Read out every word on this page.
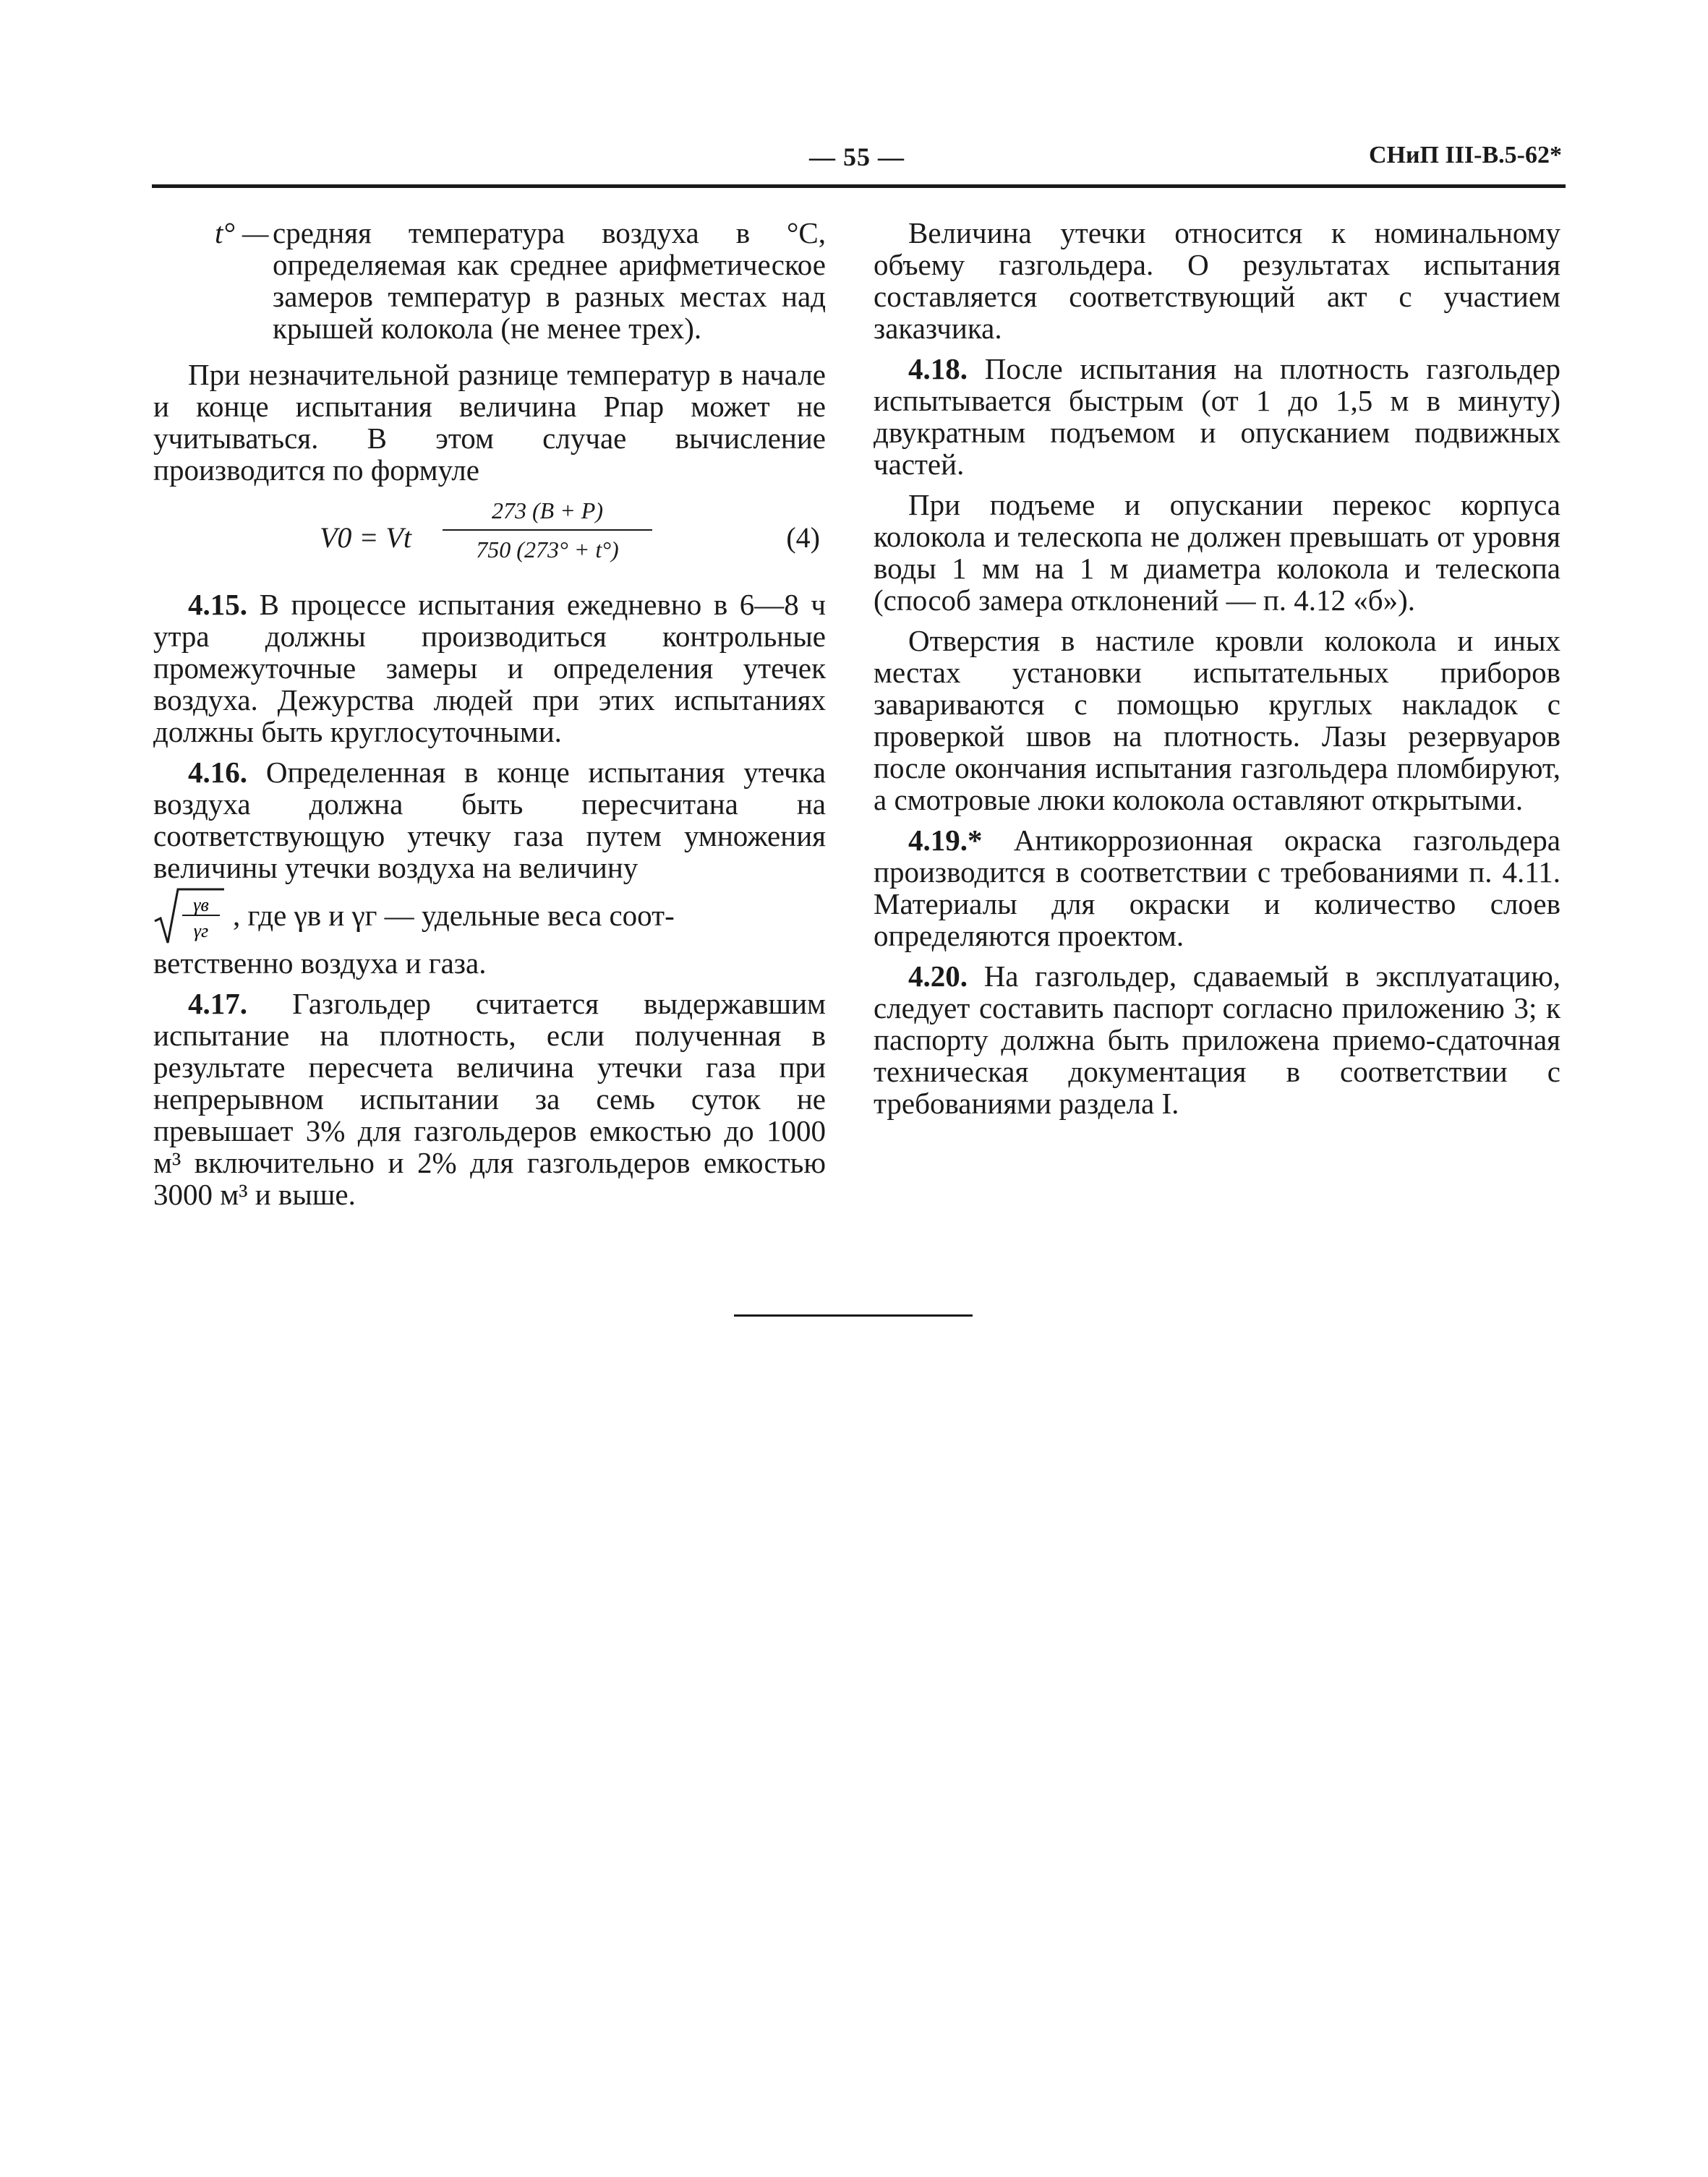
— 55 —	СНиП III-В.5-62*
t° — средняя температура воздуха в °С, определяемая как среднее арифметическое замеров температур в разных местах над крышей колокола (не менее трех).

При незначительной разнице температур в начале и конце испытания величина Pпар может не учитываться. В этом случае вычисление производится по формуле

V0 = Vt $\frac{273 (B + P)}{750 (273^\circ + t^\circ)}$	(4)

4.15. В процессе испытания ежедневно в 6—8 ч утра должны производиться контрольные промежуточные замеры и определения утечек воздуха. Дежурства людей при этих испытаниях должны быть круглосуточными.

4.16. Определенная в конце испытания утечка воздуха должна быть пересчитана на соответствующую утечку газа путем умножения величины утечки воздуха на величину

γв
γг , где γв и γг — удельные веса соот-

ветственно воздуха и газа.

4.17. Газгольдер считается выдержавшим испытание на плотность, если полученная в результате пересчета величина утечки газа при непрерывном испытании за семь суток не превышает 3% для газгольдеров емкостью до 1000 м³ включительно и 2% для газгольдеров емкостью 3000 м³ и выше.

Величина утечки относится к номинальному объему газгольдера. О результатах испытания составляется соответствующий акт с участием заказчика.

4.18. После испытания на плотность газгольдер испытывается быстрым (от 1 до 1,5 м в минуту) двукратным подъемом и опусканием подвижных частей.

При подъеме и опускании перекос корпуса колокола и телескопа не должен превышать от уровня воды 1 мм на 1 м диаметра колокола и телескопа (способ замера отклонений — п. 4.12 «б»).

Отверстия в настиле кровли колокола и иных местах установки испытательных приборов завариваются с помощью круглых накладок с проверкой швов на плотность. Лазы резервуаров после окончания испытания газгольдера пломбируют, а смотровые люки колокола оставляют открытыми.

4.19.* Антикоррозионная окраска газгольдера производится в соответствии с требованиями п. 4.11. Материалы для окраски и количество слоев определяются проектом.

4.20. На газгольдер, сдаваемый в эксплуатацию, следует составить паспорт согласно приложению 3; к паспорту должна быть приложена приемо-сдаточная техническая документация в соответствии с требованиями раздела I.
